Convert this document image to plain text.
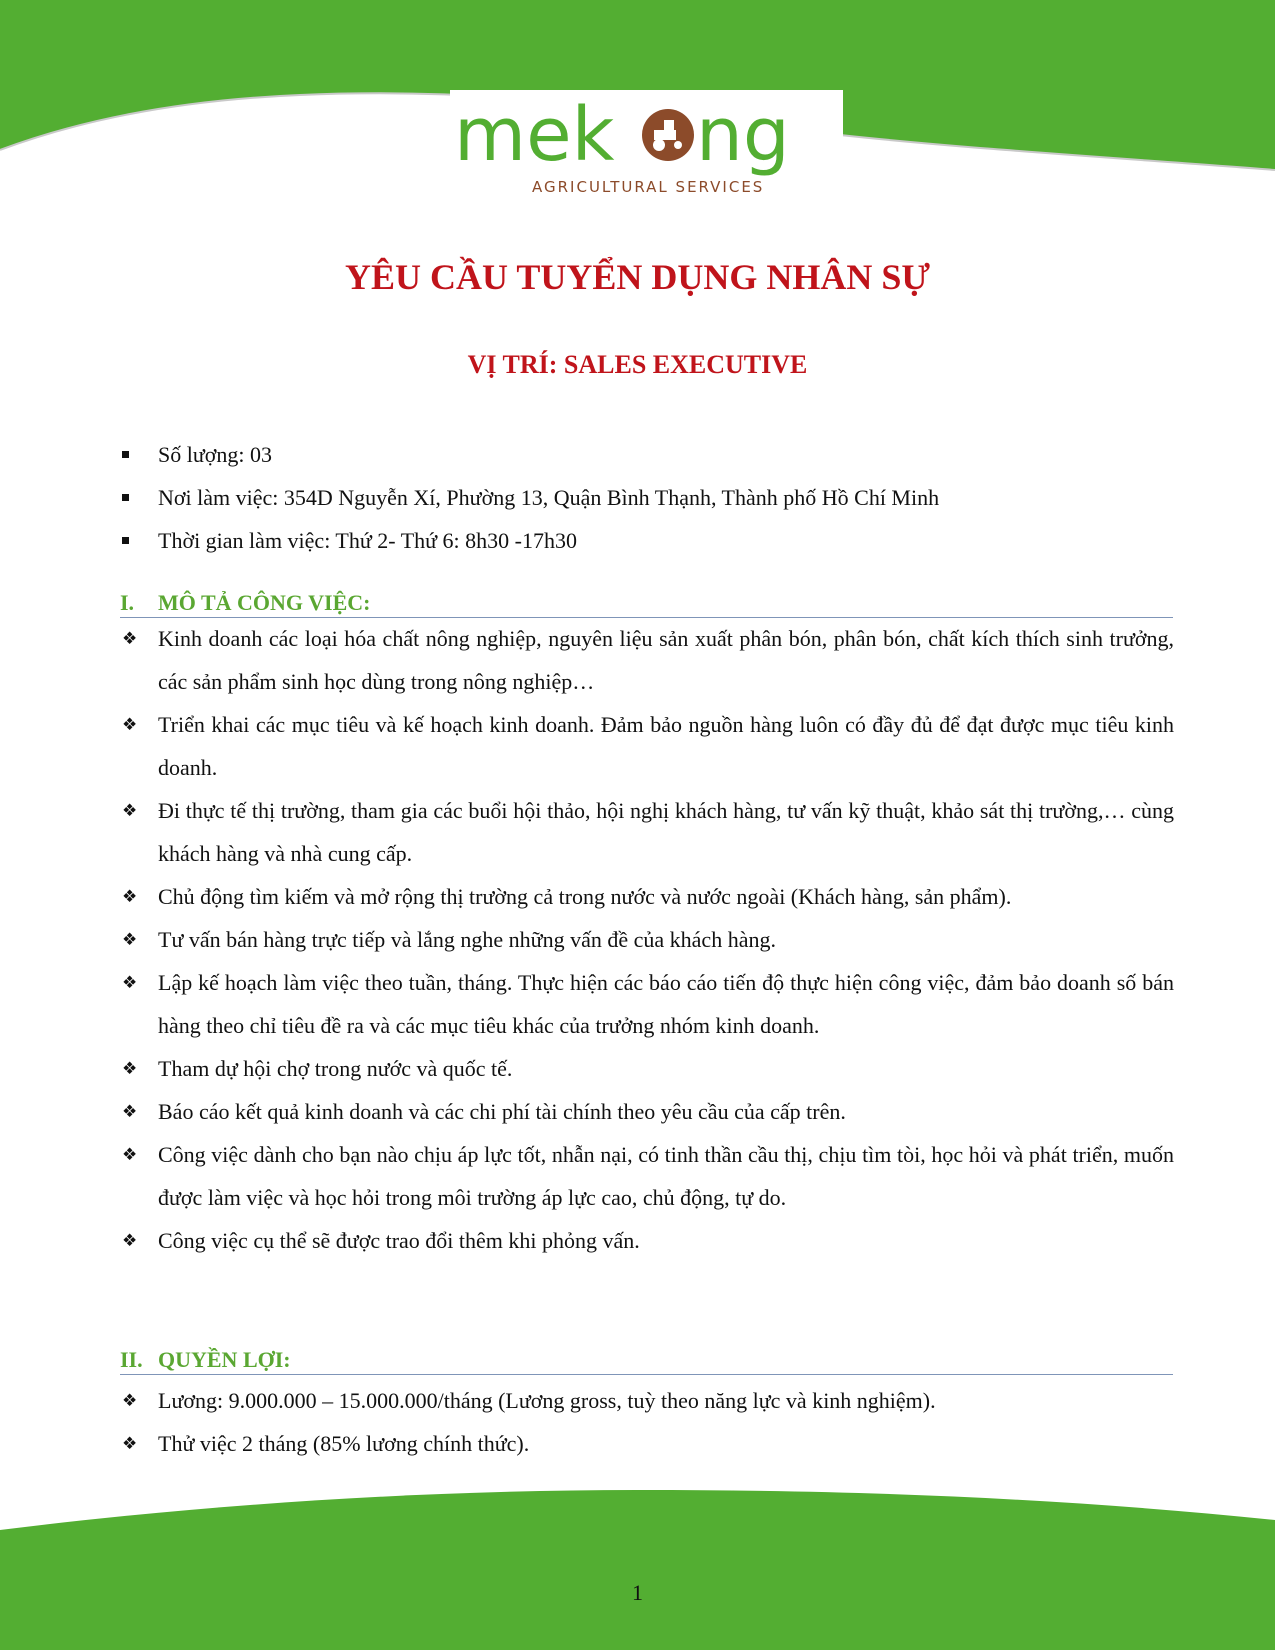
mek ng
AGRICULTURAL SERVICES
YÊU CẦU TUYỂN DỤNG NHÂN SỰ
VỊ TRÍ: SALES EXECUTIVE
Số lượng: 03
Nơi làm việc: 354D Nguyễn Xí, Phường 13, Quận Bình Thạnh, Thành phố Hồ Chí Minh
Thời gian làm việc: Thứ 2- Thứ 6: 8h30 -17h30
I. MÔ TẢ CÔNG VIỆC:
❖ Kinh doanh các loại hóa chất nông nghiệp, nguyên liệu sản xuất phân bón, phân bón, chất kích thích sinh trưởng, các sản phẩm sinh học dùng trong nông nghiệp…
❖ Triển khai các mục tiêu và kế hoạch kinh doanh. Đảm bảo nguồn hàng luôn có đầy đủ để đạt được mục tiêu kinh doanh.
❖ Đi thực tế thị trường, tham gia các buổi hội thảo, hội nghị khách hàng, tư vấn kỹ thuật, khảo sát thị trường,… cùng khách hàng và nhà cung cấp.
❖ Chủ động tìm kiếm và mở rộng thị trường cả trong nước và nước ngoài (Khách hàng, sản phẩm).
❖ Tư vấn bán hàng trực tiếp và lắng nghe những vấn đề của khách hàng.
❖ Lập kế hoạch làm việc theo tuần, tháng. Thực hiện các báo cáo tiến độ thực hiện công việc, đảm bảo doanh số bán hàng theo chỉ tiêu đề ra và các mục tiêu khác của trưởng nhóm kinh doanh.
❖ Tham dự hội chợ trong nước và quốc tế.
❖ Báo cáo kết quả kinh doanh và các chi phí tài chính theo yêu cầu của cấp trên.
❖ Công việc dành cho bạn nào chịu áp lực tốt, nhẫn nại, có tinh thần cầu thị, chịu tìm tòi, học hỏi và phát triển, muốn được làm việc và học hỏi trong môi trường áp lực cao, chủ động, tự do.
❖ Công việc cụ thể sẽ được trao đổi thêm khi phỏng vấn.
II. QUYỀN LỢI:
❖ Lương: 9.000.000 – 15.000.000/tháng (Lương gross, tuỳ theo năng lực và kinh nghiệm).
❖ Thử việc 2 tháng (85% lương chính thức).
1
